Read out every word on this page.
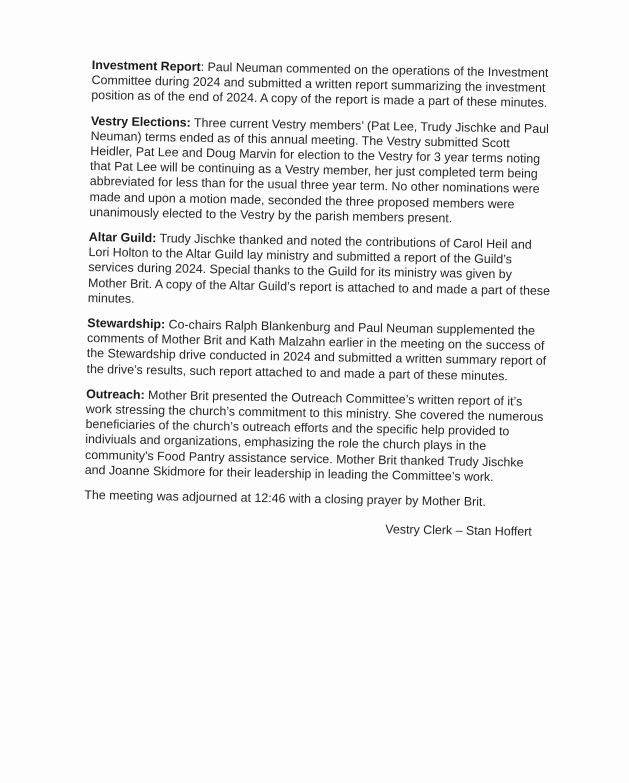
Investment Report: Paul Neuman commented on the operations of the Investment Committee during 2024 and submitted a written report summarizing the investment position as of the end of 2024. A copy of the report is made a part of these minutes.

Vestry Elections: Three current Vestry members’ (Pat Lee, Trudy Jischke and Paul Neuman) terms ended as of this annual meeting. The Vestry submitted Scott Heidler, Pat Lee and Doug Marvin for election to the Vestry for 3 year terms noting that Pat Lee will be continuing as a Vestry member, her just completed term being abbreviated for less than for the usual three year term. No other nominations were made and upon a motion made, seconded the three proposed members were unanimously elected to the Vestry by the parish members present.

Altar Guild: Trudy Jischke thanked and noted the contributions of Carol Heil and Lori Holton to the Altar Guild lay ministry and submitted a report of the Guild’s services during 2024. Special thanks to the Guild for its ministry was given by Mother Brit. A copy of the Altar Guild’s report is attached to and made a part of these minutes.

Stewardship: Co-chairs Ralph Blankenburg and Paul Neuman supplemented the comments of Mother Brit and Kath Malzahn earlier in the meeting on the success of the Stewardship drive conducted in 2024 and submitted a written summary report of the drive’s results, such report attached to and made a part of these minutes.

Outreach: Mother Brit presented the Outreach Committee’s written report of it’s work stressing the church’s commitment to this ministry. She covered the numerous beneficiaries of the church’s outreach efforts and the specific help provided to indiviuals and organizations, emphasizing the role the church plays in the community’s Food Pantry assistance service. Mother Brit thanked Trudy Jischke and Joanne Skidmore for their leadership in leading the Committee’s work.

The meeting was adjourned at 12:46 with a closing prayer by Mother Brit.

Vestry Clerk – Stan Hoffert
